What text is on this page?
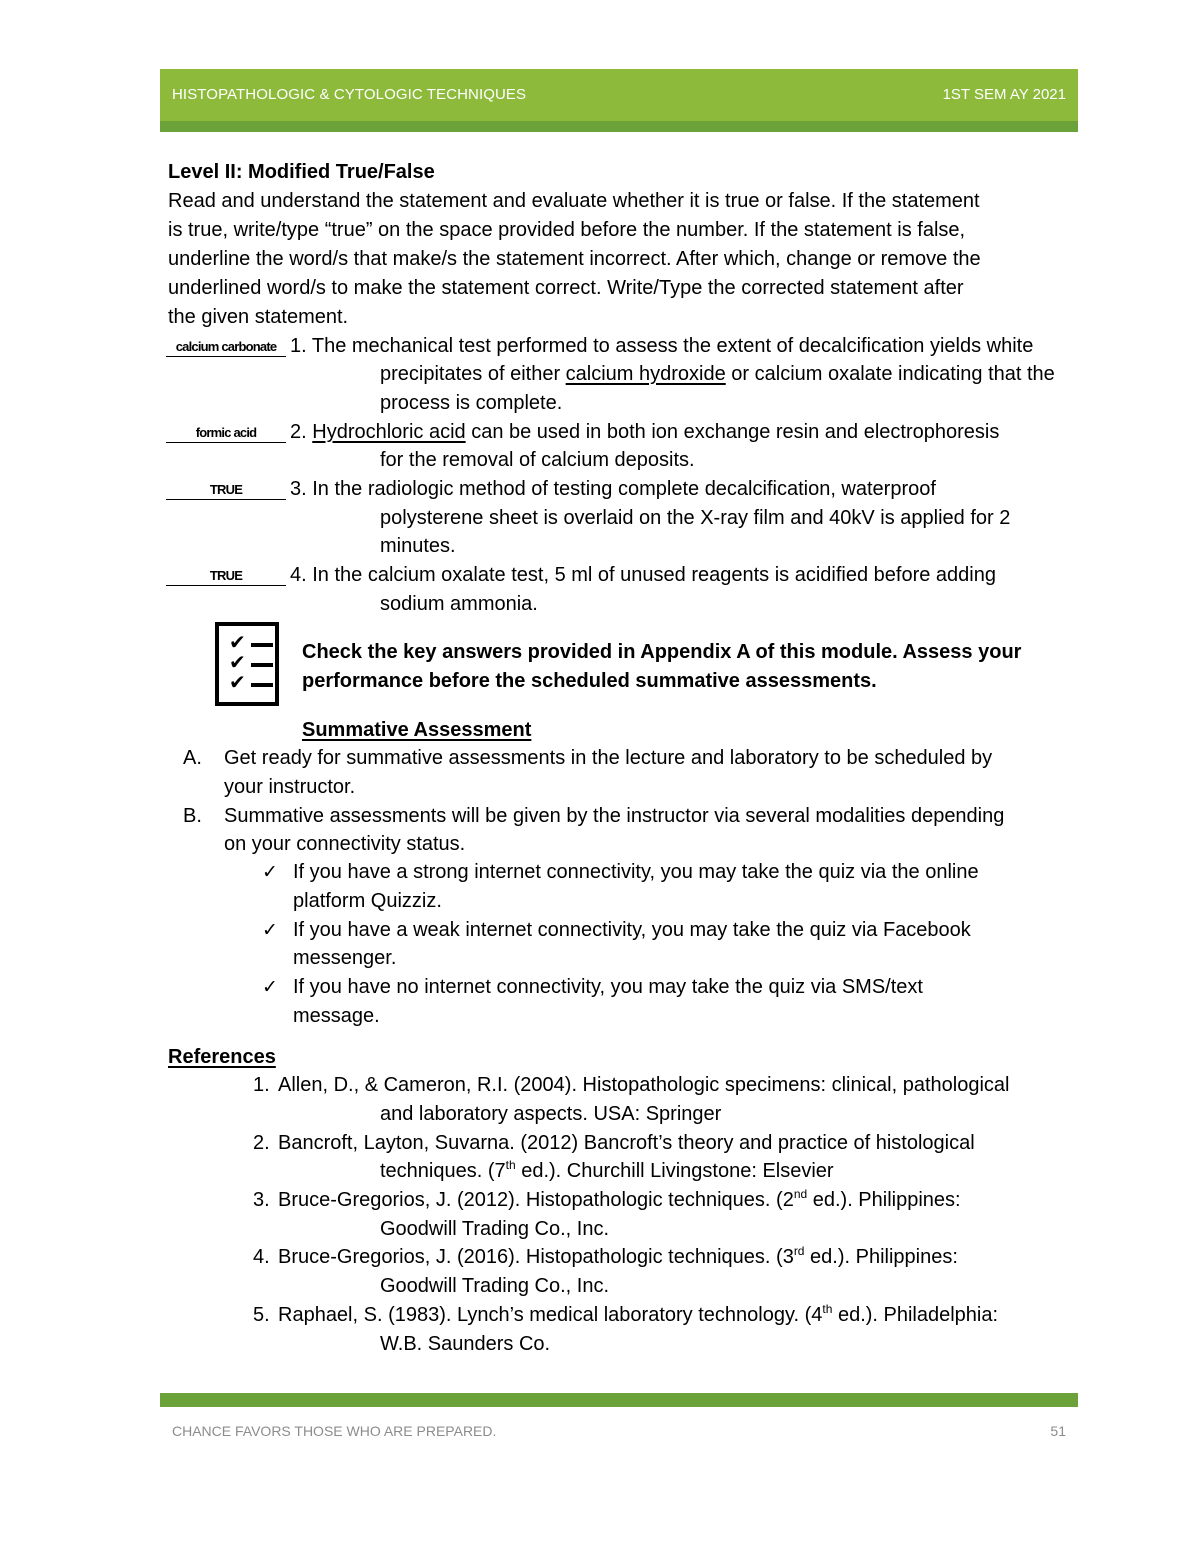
HISTOPATHOLOGIC & CYTOLOGIC TECHNIQUES	1ST SEM AY 2021
Level II: Modified True/False
Read and understand the statement and evaluate whether it is true or false. If the statement
is true, write/type “true” on the space provided before the number. If the statement is false,
underline the word/s that make/s the statement incorrect. After which, change or remove the
underlined word/s to make the statement correct. Write/Type the corrected statement after
the given statement.
calcium carbonate 1. The mechanical test performed to assess the extent of decalcification yields white
precipitates of either calcium hydroxide or calcium oxalate indicating that the
process is complete.
formic acid	2. Hydrochloric acid can be used in both ion exchange resin and electrophoresis
for the removal of calcium deposits.
TRUE	3. In the radiologic method of testing complete decalcification, waterproof
polysterene sheet is overlaid on the X-ray film and 40kV is applied for 2
minutes.
TRUE	4. In the calcium oxalate test, 5 ml of unused reagents is acidified before adding
sodium ammonia.
✔
✔
✔
Check the key answers provided in Appendix A of this module. Assess your
performance before the scheduled summative assessments.
Summative Assessment
A. Get ready for summative assessments in the lecture and laboratory to be scheduled by
your instructor.
B. Summative assessments will be given by the instructor via several modalities depending
on your connectivity status.
✓ If you have a strong internet connectivity, you may take the quiz via the online
platform Quizziz.
✓ If you have a weak internet connectivity, you may take the quiz via Facebook
messenger.
✓ If you have no internet connectivity, you may take the quiz via SMS/text
message.
References
1. Allen, D., & Cameron, R.I. (2004). Histopathologic specimens: clinical, pathological
and laboratory aspects. USA: Springer
2. Bancroft, Layton, Suvarna. (2012) Bancroft’s theory and practice of histological
techniques. (7th ed.). Churchill Livingstone: Elsevier
3. Bruce-Gregorios, J. (2012). Histopathologic techniques. (2nd ed.). Philippines:
Goodwill Trading Co., Inc.
4. Bruce-Gregorios, J. (2016). Histopathologic techniques. (3rd ed.). Philippines:
Goodwill Trading Co., Inc.
5. Raphael, S. (1983). Lynch’s medical laboratory technology. (4th ed.). Philadelphia:
W.B. Saunders Co.
CHANCE FAVORS THOSE WHO ARE PREPARED.	51
